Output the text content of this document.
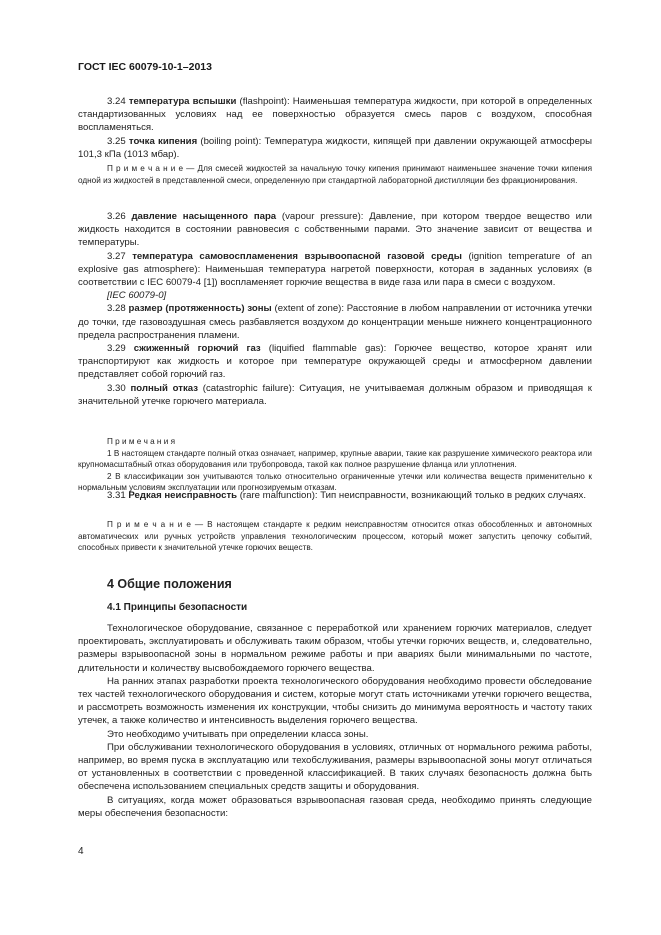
ГОСТ IEC 60079-10-1–2013

3.24 температура вспышки (flashpoint): Наименьшая температура жидкости, при которой в определенных стандартизованных условиях над ее поверхностью образуется смесь паров с воздухом, способная воспламеняться.

3.25 точка кипения (boiling point): Температура жидкости, кипящей при давлении окружающей атмосферы 101,3 кПа (1013 мбар).

П р и м е ч а н и е — Для смесей жидкостей за начальную точку кипения принимают наименьшее значение точки кипения одной из жидкостей в представленной смеси, определенную при стандартной лабораторной дистилляции без фракционирования.

3.26 давление насыщенного пара (vapour pressure): Давление, при котором твердое вещество или жидкость находится в состоянии равновесия с собственными парами. Это значение зависит от вещества и температуры.

3.27 температура самовоспламенения взрывоопасной газовой среды (ignition temperature of an explosive gas atmosphere): Наименьшая температура нагретой поверхности, которая в заданных условиях (в соответствии с IEC 60079-4 [1]) воспламеняет горючие вещества в виде газа или пара в смеси с воздухом.

[IEC 60079-0]

3.28 размер (протяженность) зоны (extent of zone): Расстояние в любом направлении от источника утечки до точки, где газовоздушная смесь разбавляется воздухом до концентрации меньше нижнего концентрационного предела распространения пламени.

3.29 сжиженный горючий газ (liquified flammable gas): Горючее вещество, которое хранят или транспортируют как жидкость и которое при температуре окружающей среды и атмосферном давлении представляет собой горючий газ.

3.30 полный отказ (catastrophic failure): Ситуация, не учитываемая должным образом и приводящая к значительной утечке горючего материала.

П р и м е ч а н и я

1 В настоящем стандарте полный отказ означает, например, крупные аварии, такие как разрушение химического реактора или крупномасштабный отказ оборудования или трубопровода, такой как полное разрушение фланца или уплотнения.

2 В классификации зон учитываются только относительно ограниченные утечки или количества веществ применительно к нормальным условиям эксплуатации или прогнозируемым отказам.

3.31 Редкая неисправность (rare malfunction): Тип неисправности, возникающий только в редких случаях.

П р и м е ч а н и е — В настоящем стандарте к редким неисправностям относится отказ обособленных и автономных автоматических или ручных устройств управления технологическим процессом, который может запустить цепочку событий, способных привести к значительной утечке горючих веществ.

4 Общие положения
4.1 Принципы безопасности

Технологическое оборудование, связанное с переработкой или хранением горючих материалов, следует проектировать, эксплуатировать и обслуживать таким образом, чтобы утечки горючих веществ, и, следовательно, размеры взрывоопасной зоны в нормальном режиме работы и при авариях были минимальными по частоте, длительности и количеству высвобождаемого горючего вещества.

На ранних этапах разработки проекта технологического оборудования необходимо провести обследование тех частей технологического оборудования и систем, которые могут стать источниками утечки горючего вещества, и рассмотреть возможность изменения их конструкции, чтобы снизить до минимума вероятность и частоту таких утечек, а также количество и интенсивность выделения горючего вещества.

Это необходимо учитывать при определении класса зоны.

При обслуживании технологического оборудования в условиях, отличных от нормального режима работы, например, во время пуска в эксплуатацию или техобслуживания, размеры взрывоопасной зоны могут отличаться от установленных в соответствии с проведенной классификацией. В таких случаях безопасность должна быть обеспечена использованием специальных средств защиты и оборудования.

В ситуациях, когда может образоваться взрывоопасная газовая среда, необходимо принять следующие меры обеспечения безопасности:

4
